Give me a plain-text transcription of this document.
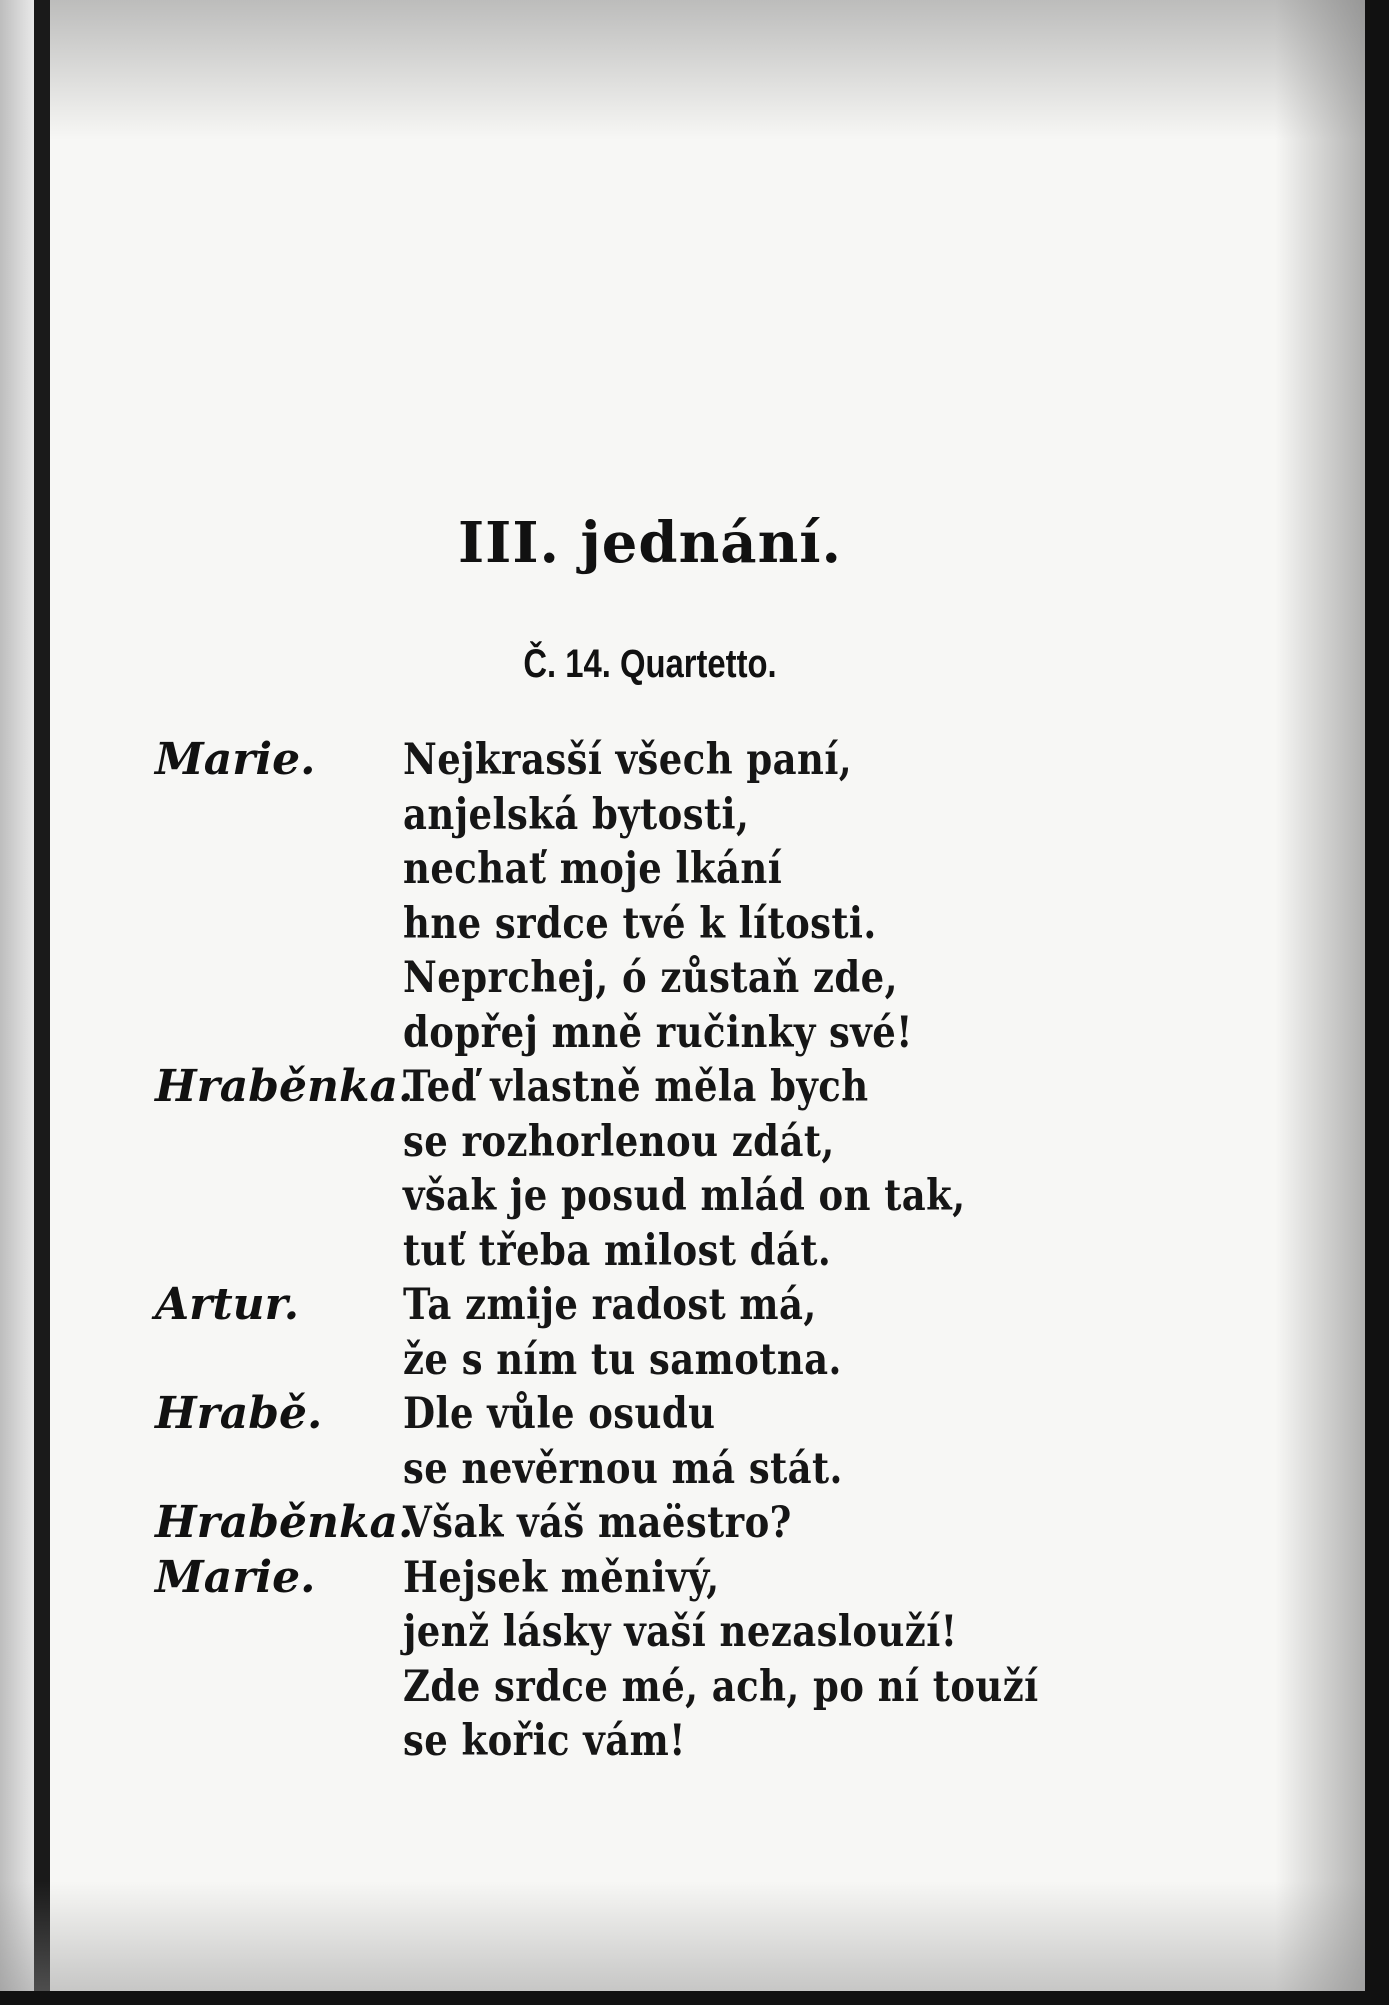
III. jednání.
Č. 14. Quartetto.
Marie. Nejkrasší všech paní,
anjelská bytosti,
nechať moje lkání
hne srdce tvé k lítosti.
Neprchej, ó zůstaň zde,
dopřej mně ručinky své!
Hraběnka.
Teď vlastně měla bych
se rozhorlenou zdát,
však je posud mlád on tak,
tuť třeba milost dát.
Artur. Ta zmije radost má,
že s ním tu samotna.
Hrabě. Dle vůle osudu
se nevěrnou má stát.
Hraběnka.
Však váš maëstro?
Marie. Hejsek měnivý,
jenž lásky vaší nezaslouží!
Zde srdce mé, ach, po ní touží
se kořic vám!
